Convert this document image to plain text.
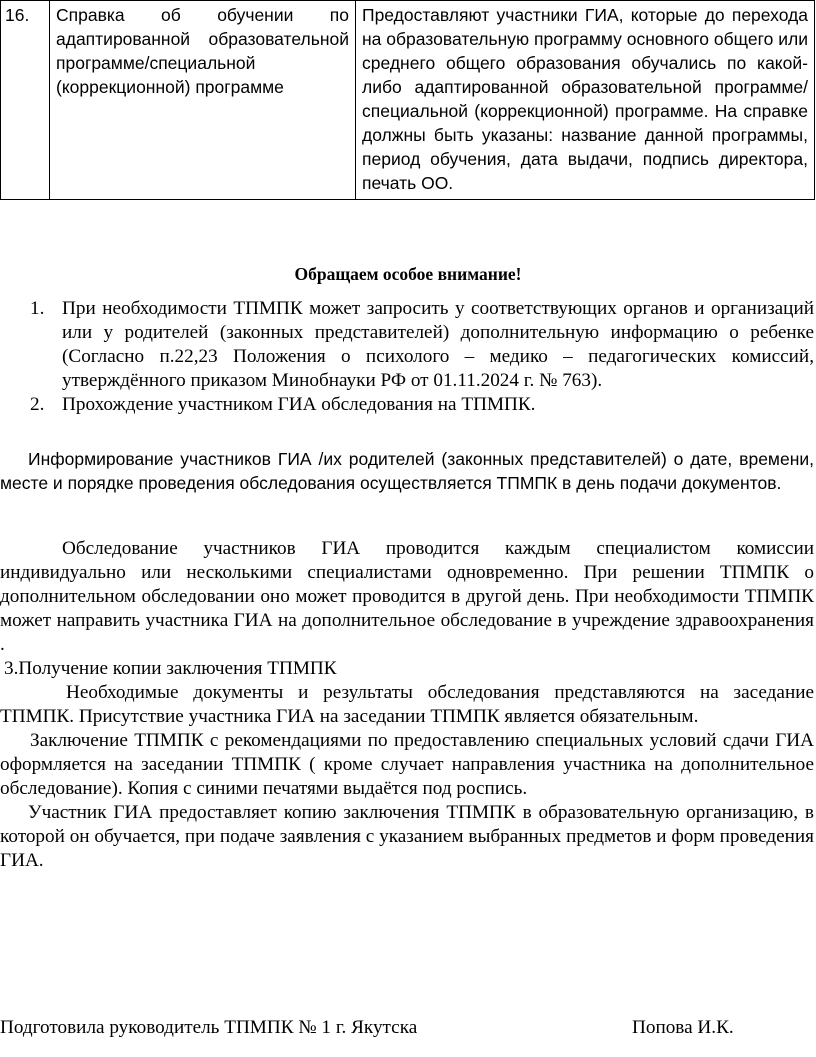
16.	Справка об обучении по адаптированной образовательной программе/специальной (коррекционной) программе	Предоставляют участники ГИА, которые до перехода на образовательную программу основного общего или среднего общего образования обучались по какой-либо адаптированной образовательной программе/специальной (коррекционной) программе. На справке должны быть указаны: название данной программы, период обучения, дата выдачи, подпись директора, печать ОО.
Обращаем особое внимание!
1. При необходимости ТПМПК может запросить у соответствующих органов и организаций или у родителей (законных представителей) дополнительную информацию о ребенке (Согласно п.22,23 Положения о психолого – медико – педагогических комиссий, утверждённого приказом Минобнауки РФ от 01.11.2024 г. № 763).
2. Прохождение участником ГИА обследования на ТПМПК.
Информирование участников ГИА /их родителей (законных представителей) о дате, времени, месте и порядке проведения обследования осуществляется ТПМПК в день подачи документов.
Обследование участников ГИА проводится каждым специалистом комиссии индивидуально или несколькими специалистами одновременно. При решении ТПМПК о дополнительном обследовании оно может проводится в другой день. При необходимости ТПМПК может направить участника ГИА на дополнительное обследование в учреждение здравоохранения .
3.Получение копии заключения ТПМПК
Необходимые документы и результаты обследования представляются на заседание ТПМПК. Присутствие участника ГИА на заседании ТПМПК является обязательным.
Заключение ТПМПК с рекомендациями по предоставлению специальных условий сдачи ГИА оформляется на заседании ТПМПК ( кроме случает направления участника на дополнительное обследование). Копия с синими печатями выдаётся под роспись.
Участник ГИА предоставляет копию заключения ТПМПК в образовательную организацию, в которой он обучается, при подаче заявления с указанием выбранных предметов и форм проведения ГИА.
Подготовила руководитель ТПМПК № 1 г. Якутска	Попова И.К.
